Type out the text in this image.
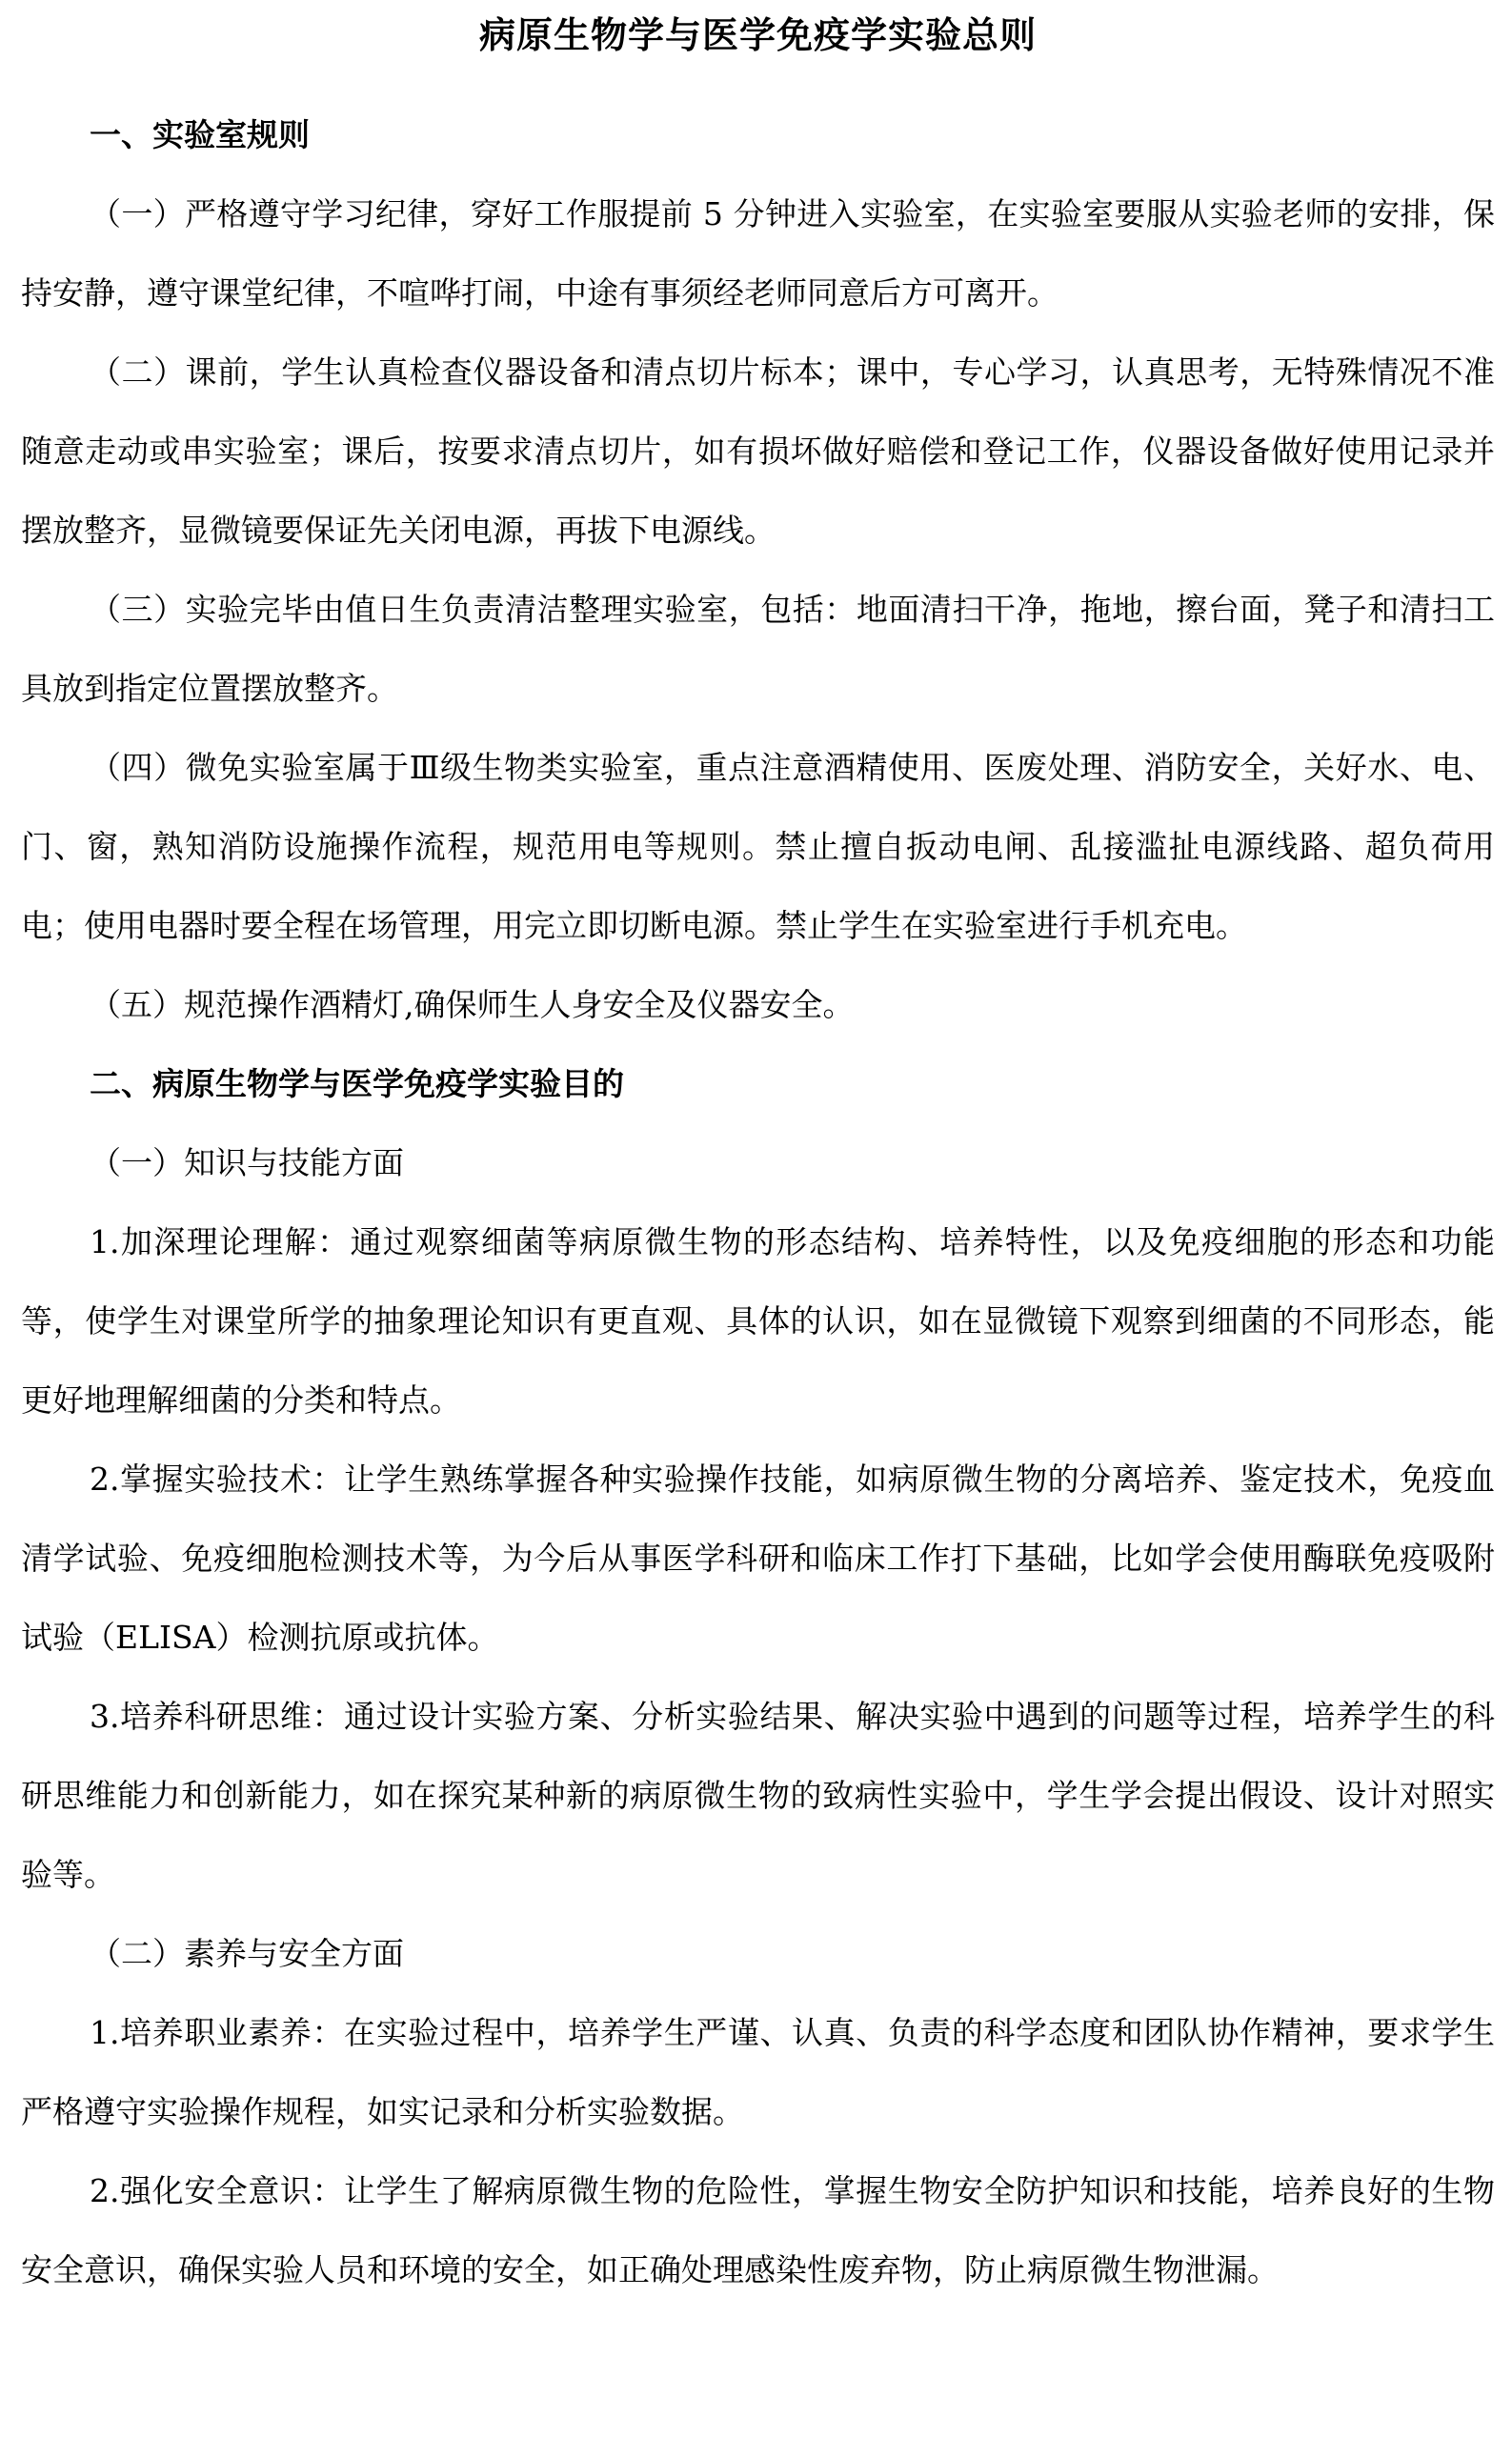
病原生物学与医学免疫学实验总则

一、实验室规则

（一）严格遵守学习纪律，穿好工作服提前 5 分钟进入实验室，在实验室要服从实验老师的安排，保持安静，遵守课堂纪律，不喧哗打闹，中途有事须经老师同意后方可离开。

（二）课前，学生认真检查仪器设备和清点切片标本；课中，专心学习，认真思考，无特殊情况不准随意走动或串实验室；课后，按要求清点切片，如有损坏做好赔偿和登记工作，仪器设备做好使用记录并摆放整齐，显微镜要保证先关闭电源，再拔下电源线。

（三）实验完毕由值日生负责清洁整理实验室，包括：地面清扫干净，拖地，擦台面，凳子和清扫工具放到指定位置摆放整齐。

（四）微免实验室属于Ⅲ级生物类实验室，重点注意酒精使用、医废处理、消防安全，关好水、电、门、窗，熟知消防设施操作流程，规范用电等规则。禁止擅自扳动电闸、乱接滥扯电源线路、超负荷用电；使用电器时要全程在场管理，用完立即切断电源。禁止学生在实验室进行手机充电。

（五）规范操作酒精灯,确保师生人身安全及仪器安全。

二、病原生物学与医学免疫学实验目的

（一）知识与技能方面

1.加深理论理解：通过观察细菌等病原微生物的形态结构、培养特性，以及免疫细胞的形态和功能等，使学生对课堂所学的抽象理论知识有更直观、具体的认识，如在显微镜下观察到细菌的不同形态，能更好地理解细菌的分类和特点。

2.掌握实验技术：让学生熟练掌握各种实验操作技能，如病原微生物的分离培养、鉴定技术，免疫血清学试验、免疫细胞检测技术等，为今后从事医学科研和临床工作打下基础，比如学会使用酶联免疫吸附试验（ELISA）检测抗原或抗体。

3.培养科研思维：通过设计实验方案、分析实验结果、解决实验中遇到的问题等过程，培养学生的科研思维能力和创新能力，如在探究某种新的病原微生物的致病性实验中，学生学会提出假设、设计对照实验等。

（二）素养与安全方面

1.培养职业素养：在实验过程中，培养学生严谨、认真、负责的科学态度和团队协作精神，要求学生严格遵守实验操作规程，如实记录和分析实验数据。

2.强化安全意识：让学生了解病原微生物的危险性，掌握生物安全防护知识和技能，培养良好的生物安全意识，确保实验人员和环境的安全，如正确处理感染性废弃物，防止病原微生物泄漏。
